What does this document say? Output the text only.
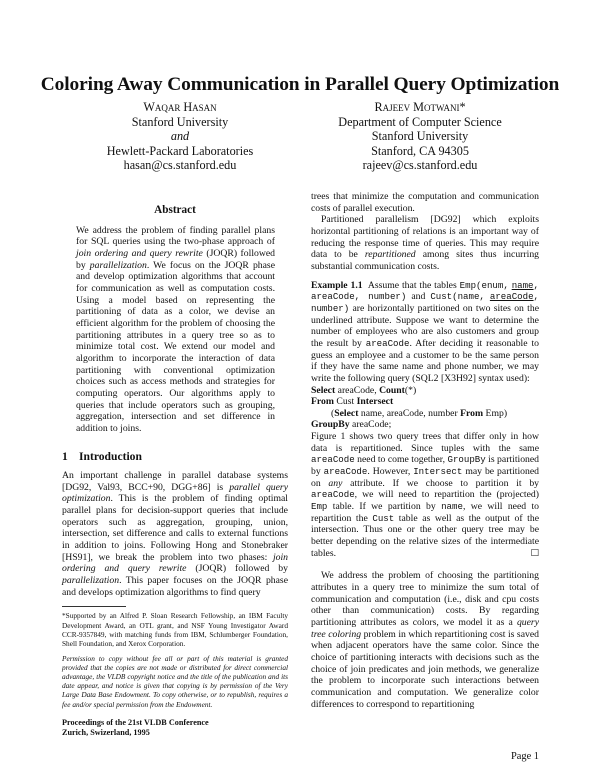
Coloring Away Communication in Parallel Query Optimization
Waqar Hasan
Stanford University
and
Hewlett-Packard Laboratories
hasan@cs.stanford.edu
Rajeev Motwani*
Department of Computer Science
Stanford University
Stanford, CA 94305
rajeev@cs.stanford.edu
Abstract

We address the problem of finding parallel plans for SQL queries using the two-phase approach of join ordering and query rewrite (JOQR) followed by parallelization. We focus on the JOQR phase and develop optimization algorithms that account for communication as well as computation costs. Using a model based on representing the partitioning of data as a color, we devise an efficient algorithm for the problem of choosing the partitioning attributes in a query tree so as to minimize total cost. We extend our model and algorithm to incorporate the interaction of data partitioning with conventional optimization choices such as access methods and strategies for computing operators. Our algorithms apply to queries that include operators such as grouping, aggregation, intersection and set difference in addition to joins.

1 Introduction

An important challenge in parallel database systems [DG92, Val93, BCC+90, DGG+86] is parallel query optimization. This is the problem of finding optimal parallel plans for decision-support queries that include operators such as aggregation, grouping, union, intersection, set difference and calls to external functions in addition to joins. Following Hong and Stonebraker [HS91], we break the problem into two phases: join ordering and query rewrite (JOQR) followed by parallelization. This paper focuses on the JOQR phase and develops optimization algorithms to find query

*Supported by an Alfred P. Sloan Research Fellowship, an IBM Faculty Development Award, an OTL grant, and NSF Young Investigator Award CCR-9357849, with matching funds from IBM, Schlumberger Foundation, Shell Foundation, and Xerox Corporation.
Permission to copy without fee all or part of this material is granted provided that the copies are not made or distributed for direct commercial advantage, the VLDB copyright notice and the title of the publication and its date appear, and notice is given that copying is by permission of the Very Large Data Base Endowment. To copy otherwise, or to republish, requires a fee and/or special permission from the Endowment.
Proceedings of the 21st VLDB Conference
Zurich, Swizerland, 1995

trees that minimize the computation and communication costs of parallel execution.

Partitioned parallelism [DG92] which exploits horizontal partitioning of relations is an important way of reducing the response time of queries. This may require data to be repartitioned among sites thus incurring substantial communication costs.

Example 1.1 Assume that the tables Emp(enum, name, areaCode, number) and Cust(name, areaCode, number) are horizontally partitioned on two sites on the underlined attribute. Suppose we want to determine the number of employees who are also customers and group the result by areaCode. After deciding it reasonable to guess an employee and a customer to be the same person if they have the same name and phone number, we may write the following query (SQL2 [X3H92] syntax used):

Select areaCode, Count(*)

From Cust Intersect

(Select name, areaCode, number From Emp)

GroupBy areaCode;

Figure 1 shows two query trees that differ only in how data is repartitioned. Since tuples with the same areaCode need to come together, GroupBy is partitioned by areaCode. However, Intersect may be partitioned on any attribute. If we choose to partition it by areaCode, we will need to repartition the (projected) Emp table. If we partition by name, we will need to repartition the Cust table as well as the output of the intersection. Thus one or the other query tree may be better depending on the relative sizes of the intermediate tables.	□

We address the problem of choosing the partitioning attributes in a query tree to minimize the sum total of communication and computation (i.e., disk and cpu costs other than communication) costs. By regarding partitioning attributes as colors, we model it as a query tree coloring problem in which repartitioning cost is saved when adjacent operators have the same color. Since the choice of partitioning interacts with decisions such as the choice of join predicates and join methods, we generalize the problem to incorporate such interactions between communication and computation. We generalize color differences to correspond to repartitioning

Page 1
